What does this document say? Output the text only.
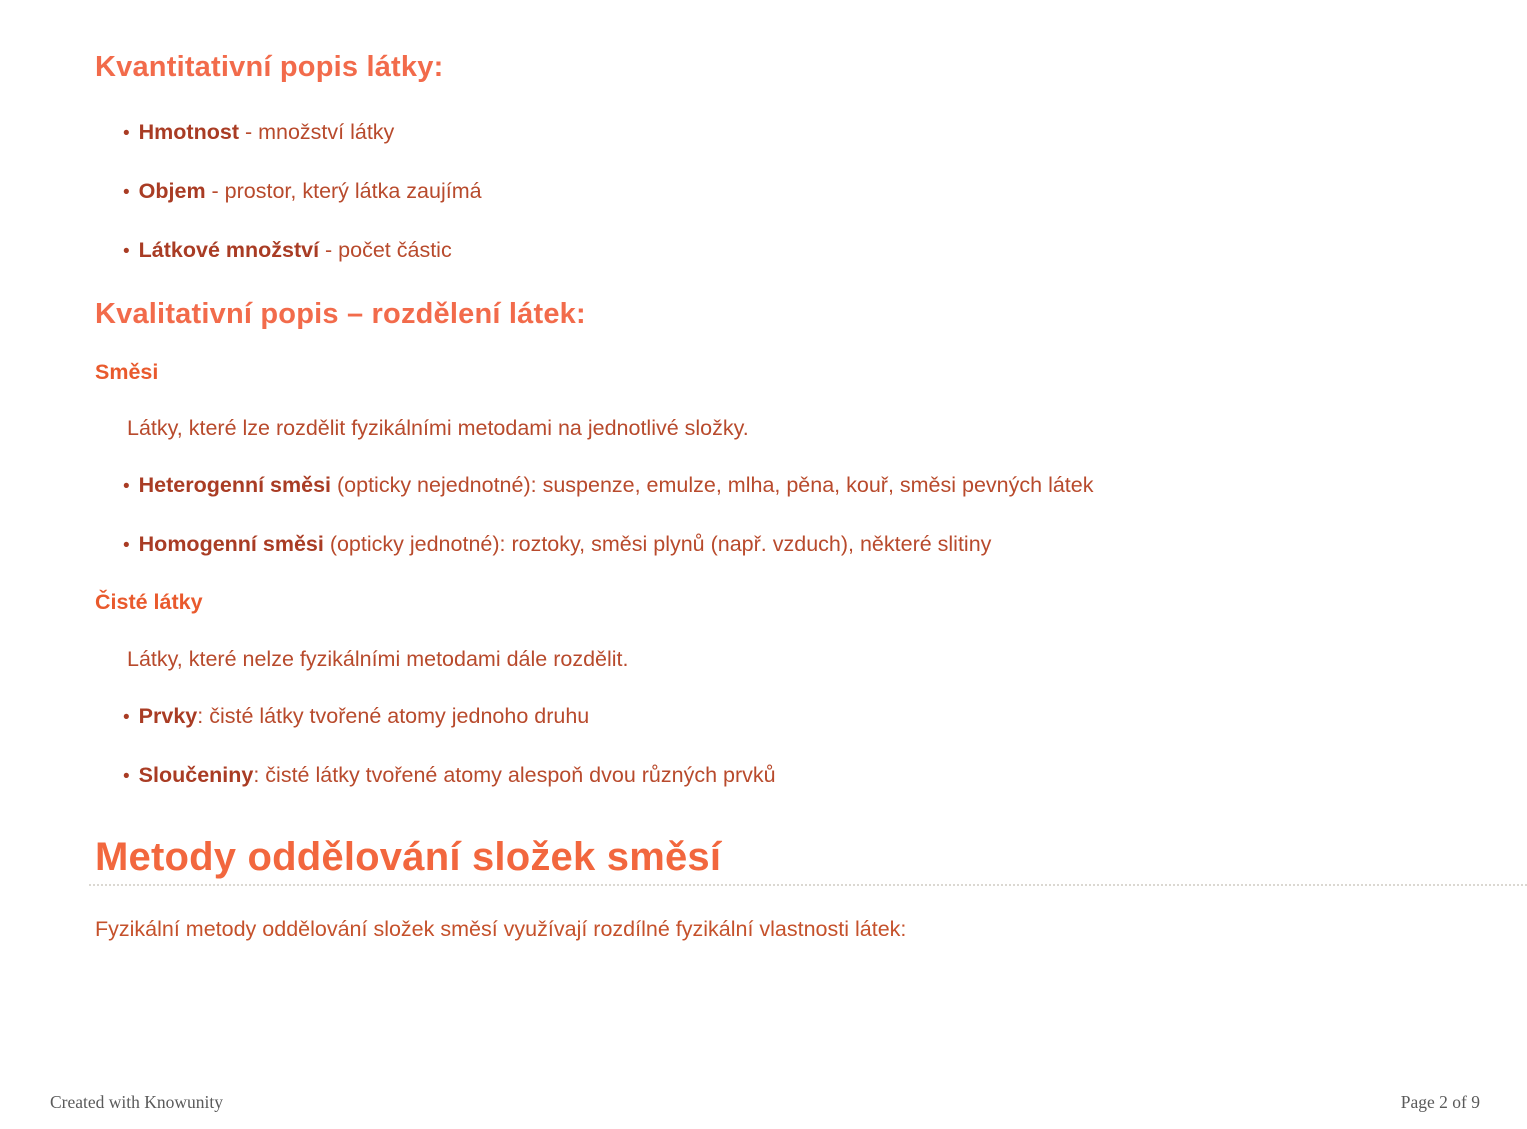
Kvantitativní popis látky:
• Hmotnost - množství látky
• Objem - prostor, který látka zaujímá
• Látkové množství - počet částic
Kvalitativní popis – rozdělení látek:
Směsi

Látky, které lze rozdělit fyzikálními metodami na jednotlivé složky.

• Heterogenní směsi (opticky nejednotné): suspenze, emulze, mlha, pěna, kouř, směsi pevných látek
• Homogenní směsi (opticky jednotné): roztoky, směsi plynů (např. vzduch), některé slitiny
Čisté látky

Látky, které nelze fyzikálními metodami dále rozdělit.

• Prvky: čisté látky tvořené atomy jednoho druhu
• Sloučeniny: čisté látky tvořené atomy alespoň dvou různých prvků
Metody oddělování složek směsí

Fyzikální metody oddělování složek směsí využívají rozdílné fyzikální vlastnosti látek:

Created with Knowunity	Page 2 of 9
